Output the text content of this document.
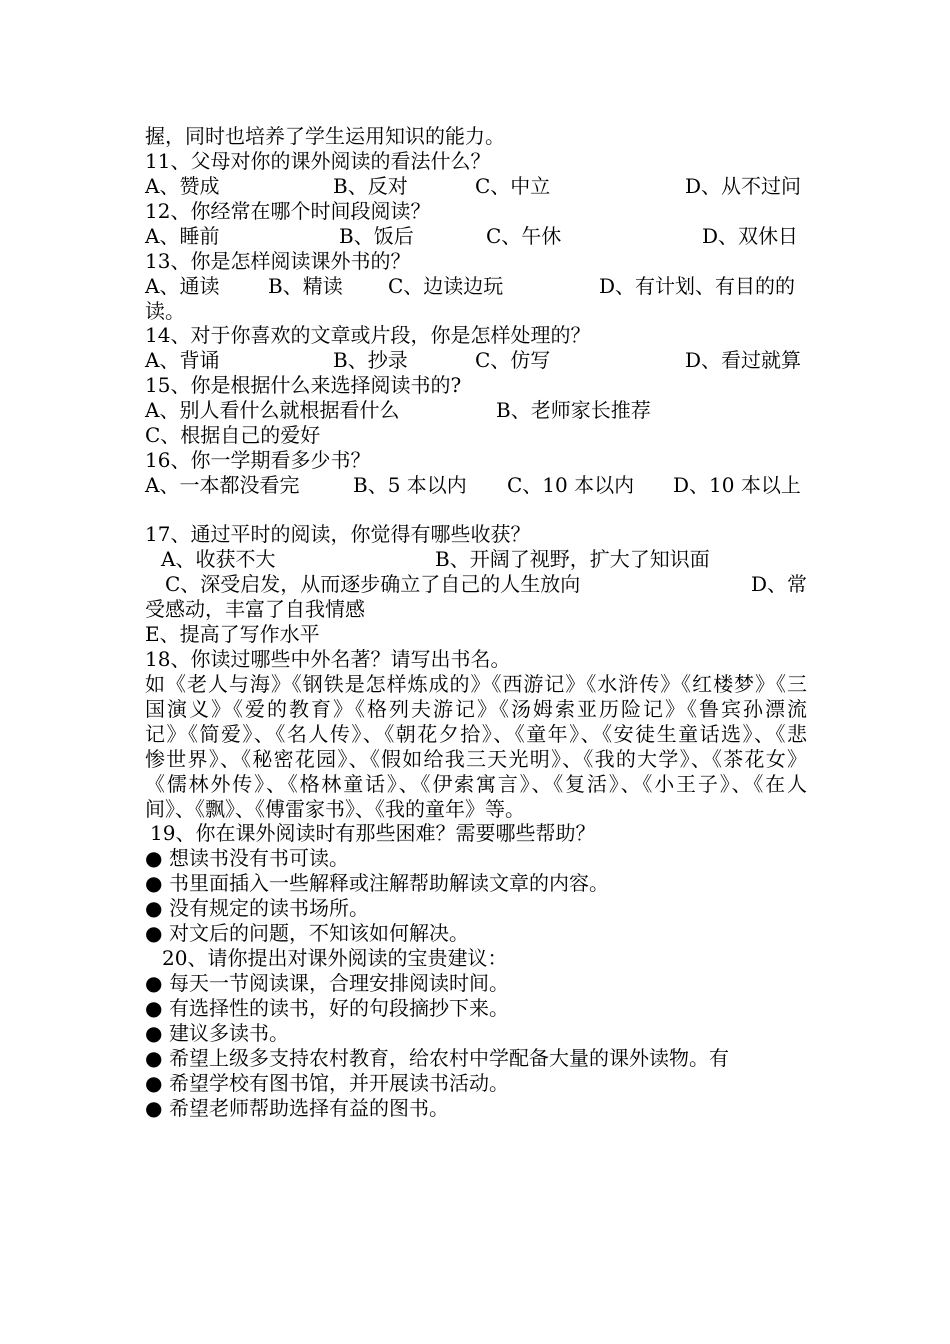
握，同时也培养了学生运用知识的能力。
11、父母对你的课外阅读的看法什么？
A、赞成	B、反对	C、中立	D、从不过问
12、你经常在哪个时间段阅读？
A、睡前	B、饭后	C、午休	D、双休日
13、你是怎样阅读课外书的？
A、通读 B、精读 C、边读边玩	D、有计划、有目的的
读。
14、对于你喜欢的文章或片段，你是怎样处理的？
A、背诵	B、抄录	C、仿写	D、看过就算
15、你是根据什么来选择阅读书的?
A、别人看什么就根据看什么	B、老师家长推荐
C、根据自己的爱好
16、你一学期看多少书？
A、一本都没看完	B、5 本以内 C、10 本以内 D、10 本以上
17、通过平时的阅读，你觉得有哪些收获？
A、收获不大	B、开阔了视野，扩大了知识面
C、深受启发，从而逐步确立了自己的人生放向	D、常
受感动，丰富了自我情感
E、提高了写作水平
18、你读过哪些中外名著？请写出书名。
如《老人与海》《钢铁是怎样炼成的》《西游记》《水浒传》《红楼梦》《三
国演义》《爱的教育》《格列夫游记》《汤姆索亚历险记》《鲁宾孙漂流
记》《简爱》、《名人传》、《朝花夕拾》、《童年》、《安徒生童话选》、《悲
惨世界》、《秘密花园》、《假如给我三天光明》、《我的大学》、《茶花女》
《儒林外传》、《格林童话》、《伊索寓言》、《复活》、《小王子》、《在人
间》、《飘》、《傅雷家书》、《我的童年》等。
19、你在课外阅读时有那些困难？需要哪些帮助？
● 想读书没有书可读。
● 书里面插入一些解释或注解帮助解读文章的内容。
● 没有规定的读书场所。
● 对文后的问题，不知该如何解决。
20、请你提出对课外阅读的宝贵建议：
● 每天一节阅读课，合理安排阅读时间。
● 有选择性的读书，好的句段摘抄下来。
● 建议多读书。
● 希望上级多支持农村教育，给农村中学配备大量的课外读物。有
● 希望学校有图书馆，并开展读书活动。
● 希望老师帮助选择有益的图书。
